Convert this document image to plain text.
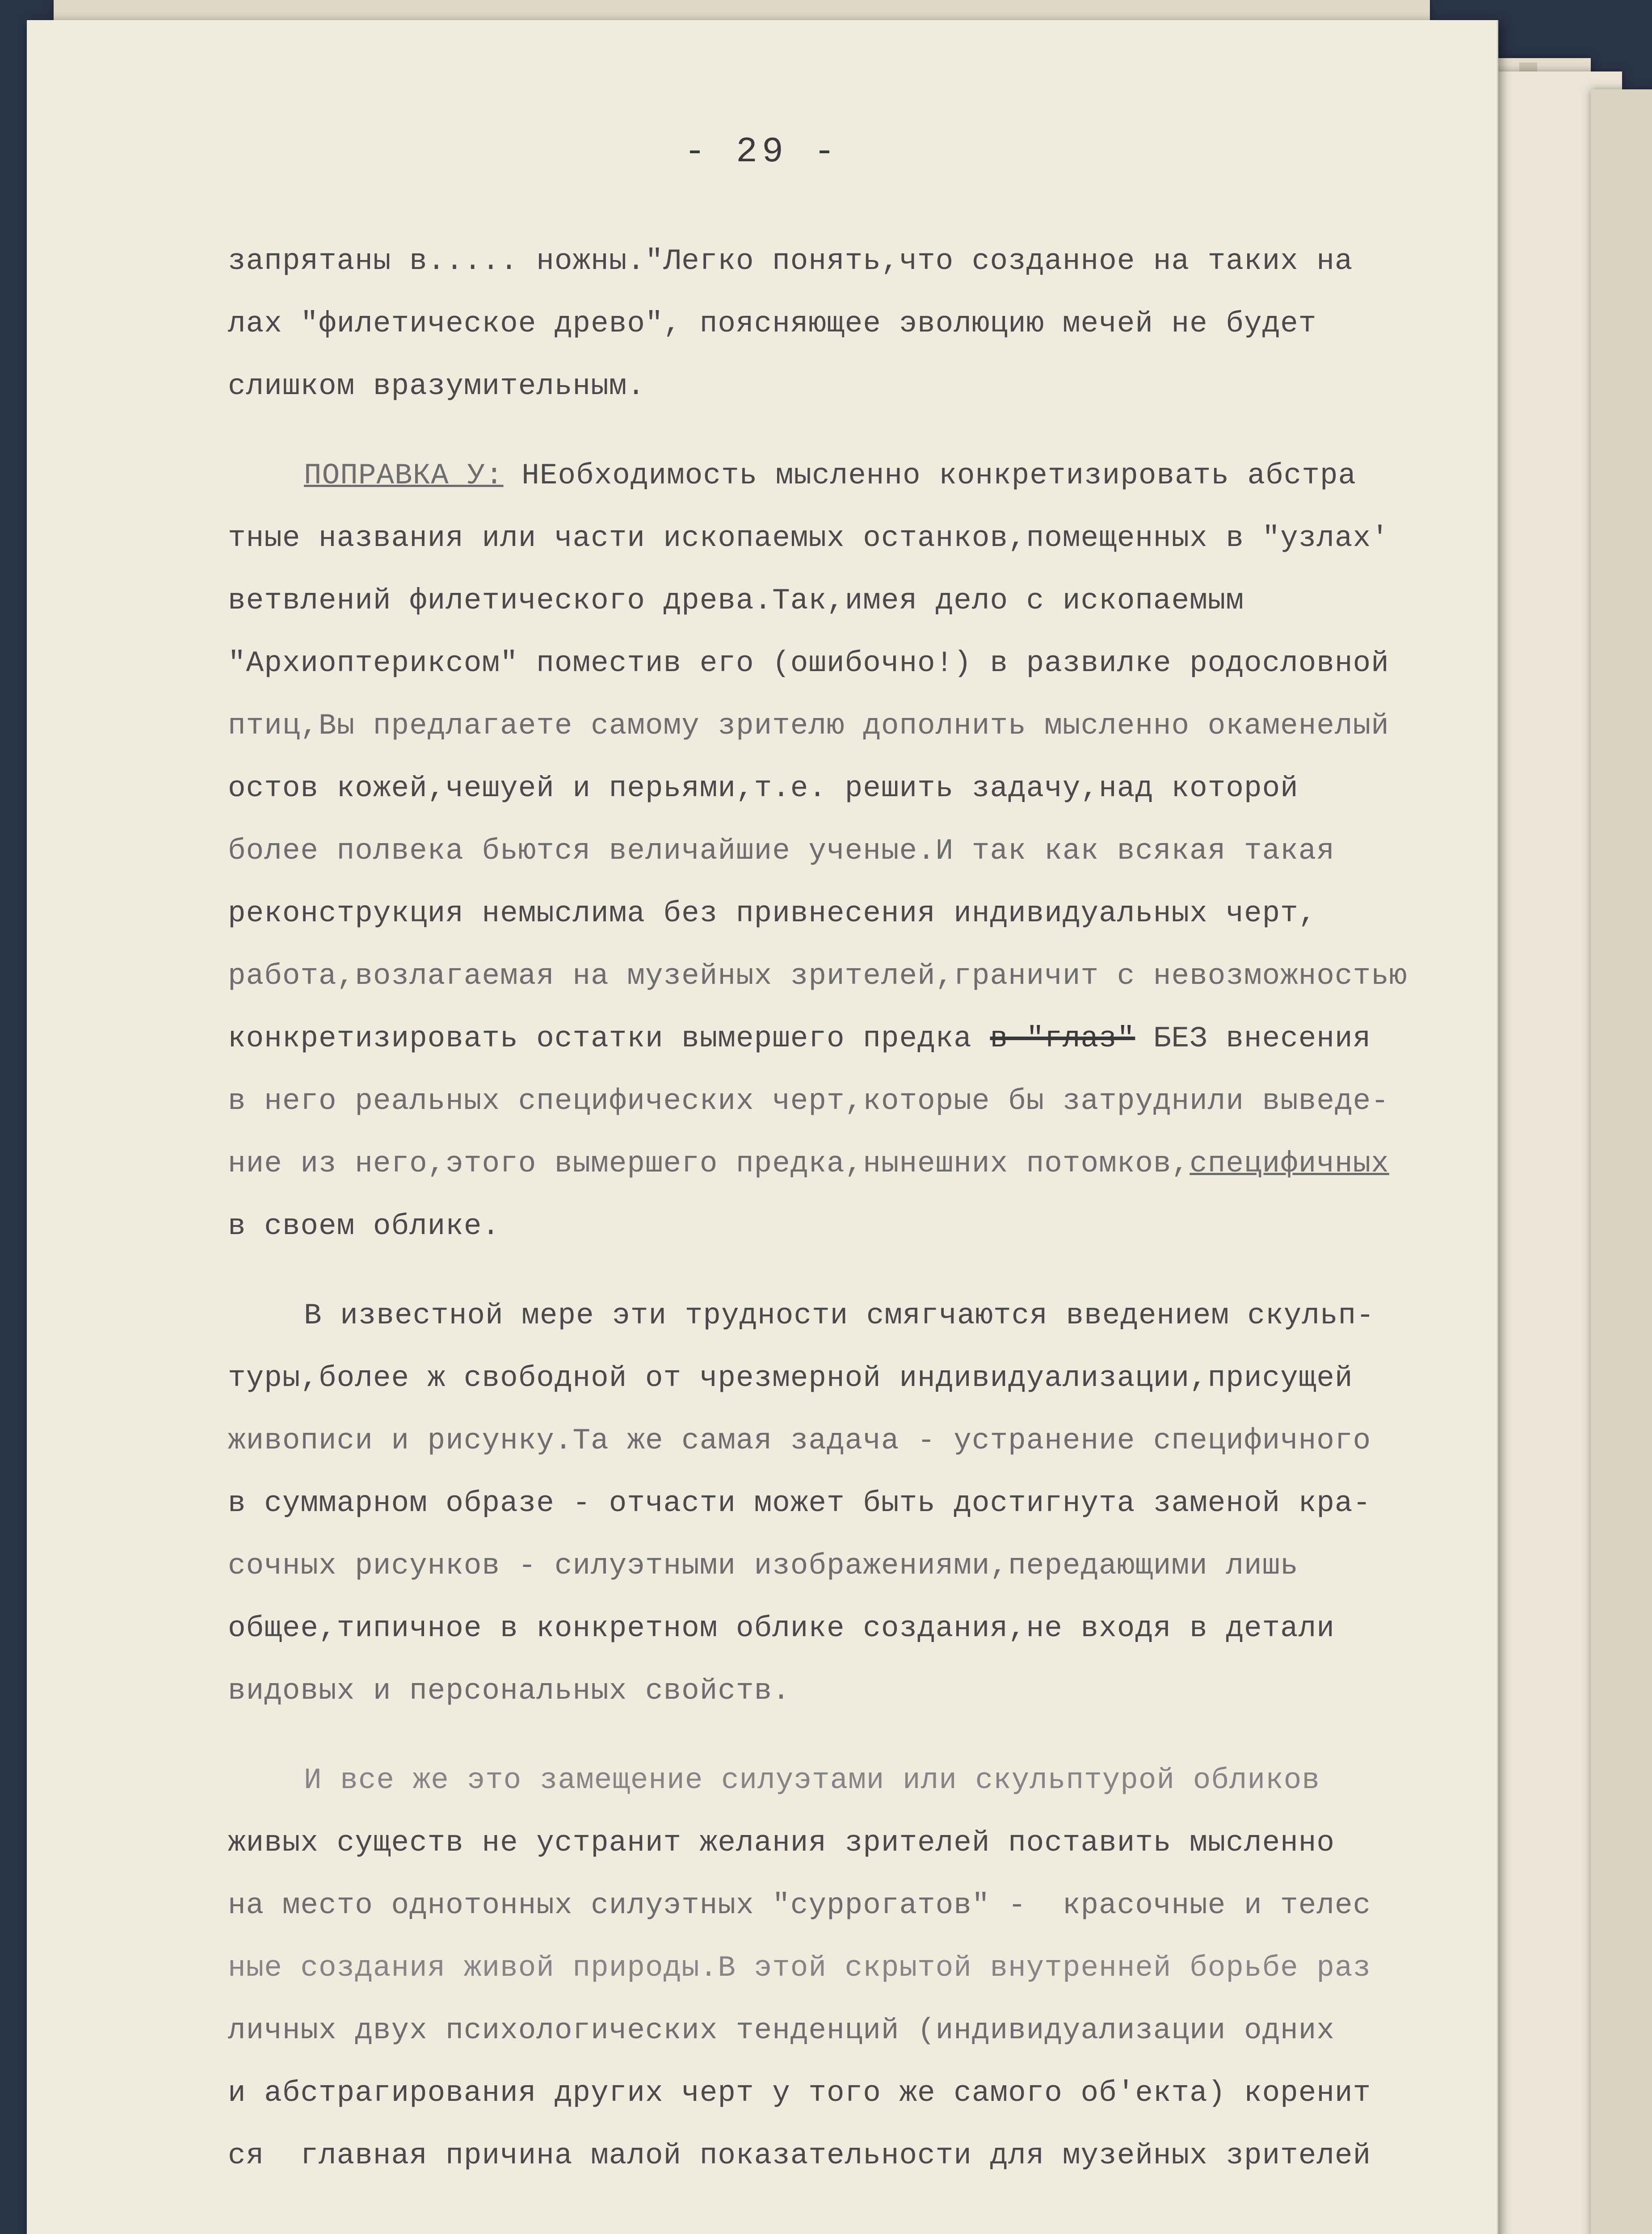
- 29 -
запрятаны в..... ножны."Легко понять,что созданное на таких на
лах "филетическое древо", поясняющее эволюцию мечей не будет
слишком вразумительным.
ПОПРАВКА У: НЕобходимость мысленно конкретизировать абстра
тные названия или части ископаемых останков,помещенных в "узлах'
ветвлений филетического древа.Так,имея дело с ископаемым
"Архиоптериксом" поместив его (ошибочно!) в развилке родословной
птиц,Вы предлагаете самому зрителю дополнить мысленно окаменелый
остов кожей,чешуей и перьями,т.е. решить задачу,над которой
более полвека бьются величайшие ученые.И так как всякая такая
реконструкция немыслима без привнесения индивидуальных черт,
работа,возлагаемая на музейных зрителей,граничит с невозможностью
конкретизировать остатки вымершего предка в "глаз" БЕЗ внесения
в него реальных специфических черт,которые бы затруднили выведе-
ние из него,этого вымершего предка,нынешних потомков,специфичных
в своем облике.
В известной мере эти трудности смягчаются введением скульп-
туры,более ж свободной от чрезмерной индивидуализации,присущей
живописи и рисунку.Та же самая задача - устранение специфичного
в суммарном образе - отчасти может быть достигнута заменой кра-
сочных рисунков - силуэтными изображениями,передающими лишь
общее,типичное в конкретном облике создания,не входя в детали
видовых и персональных свойств.
И все же это замещение силуэтами или скульптурой обликов
живых существ не устранит желания зрителей поставить мысленно
на место однотонных силуэтных "суррогатов" -  красочные и телес
ные создания живой природы.В этой скрытой внутренней борьбе раз
личных двух психологических тенденций (индивидуализации одних
и абстрагирования других черт у того же самого об'екта) коренит
ся  главная причина малой показательности для музейных зрителей
